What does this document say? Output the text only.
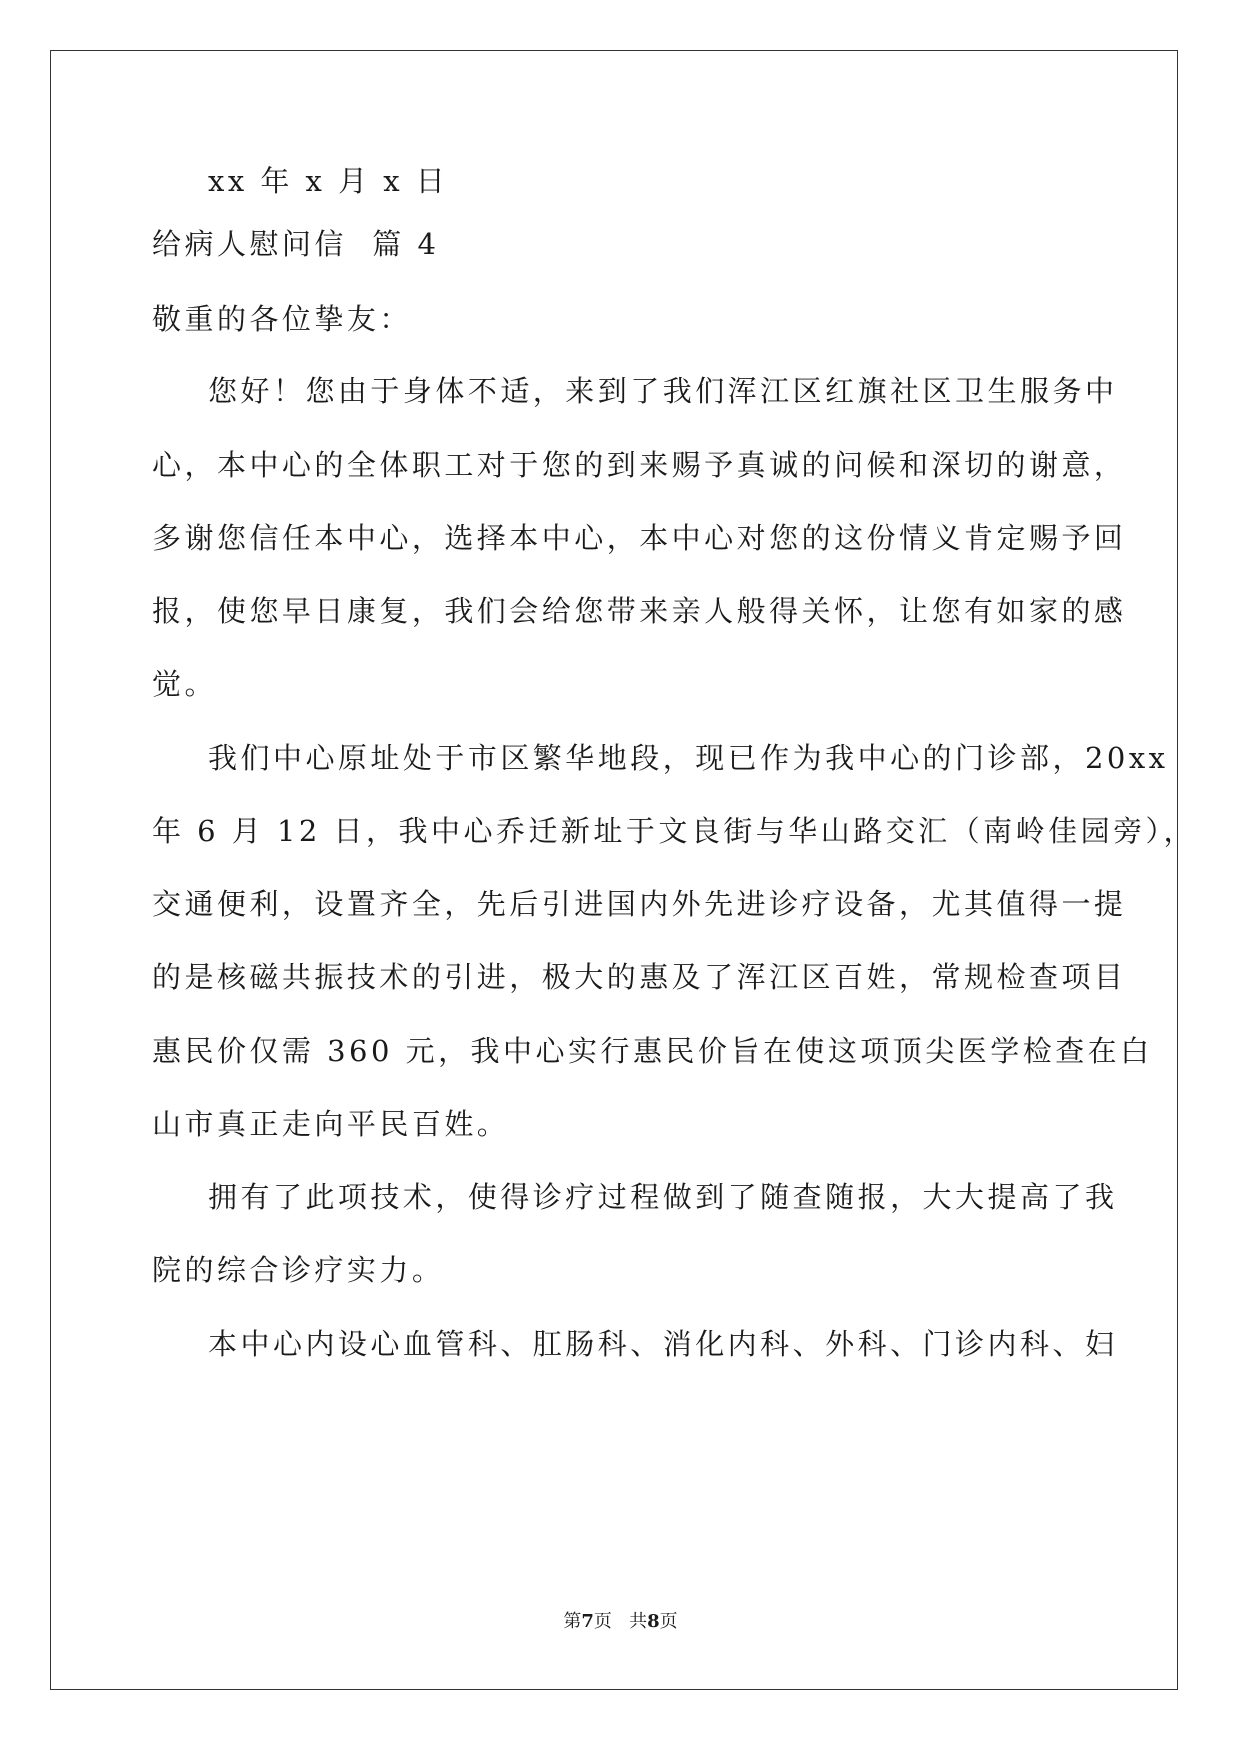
xx 年 x 月 x 日
给病人慰问信  篇 4
敬重的各位挚友：
您好！您由于身体不适，来到了我们浑江区红旗社区卫生服务中
心，本中心的全体职工对于您的到来赐予真诚的问候和深切的谢意，
多谢您信任本中心，选择本中心，本中心对您的这份情义肯定赐予回
报，使您早日康复，我们会给您带来亲人般得关怀，让您有如家的感
觉。
我们中心原址处于市区繁华地段，现已作为我中心的门诊部，20xx
年 6 月 12 日，我中心乔迁新址于文良街与华山路交汇（南岭佳园旁），
交通便利，设置齐全，先后引进国内外先进诊疗设备，尤其值得一提
的是核磁共振技术的引进，极大的惠及了浑江区百姓，常规检查项目
惠民价仅需 360 元，我中心实行惠民价旨在使这项顶尖医学检查在白
山市真正走向平民百姓。
拥有了此项技术，使得诊疗过程做到了随查随报，大大提高了我
院的综合诊疗实力。
本中心内设心血管科、肛肠科、消化内科、外科、门诊内科、妇
第7页   共8页
